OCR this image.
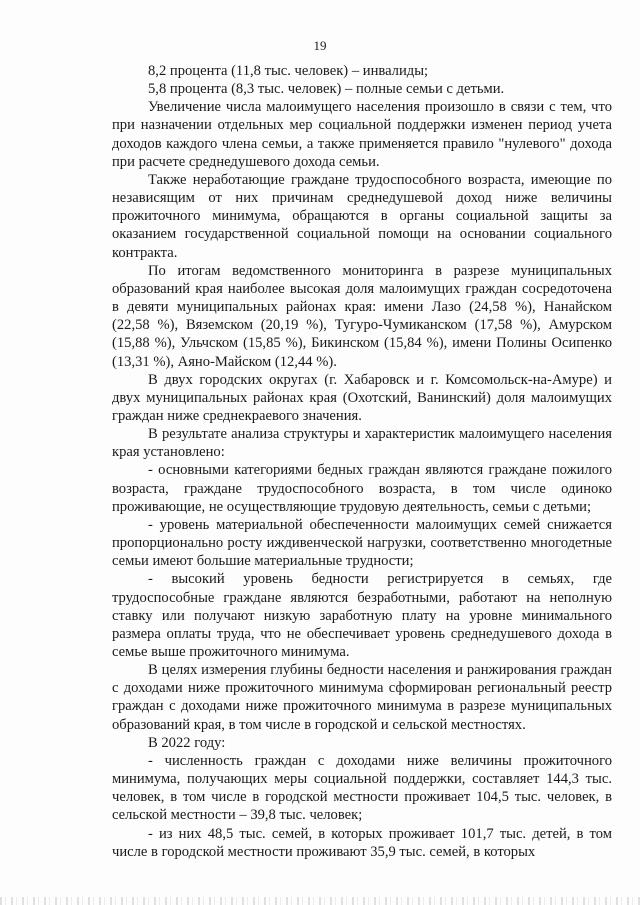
19

8,2 процента (11,8 тыс. человек) – инвалиды;

5,8 процента (8,3 тыс. человек) – полные семьи с детьми.

Увеличение числа малоимущего населения произошло в связи с тем, что при назначении отдельных мер социальной поддержки изменен период учета доходов каждого члена семьи, а также применяется правило "нулевого" дохода при расчете среднедушевого дохода семьи.

Также неработающие граждане трудоспособного возраста, имеющие по независящим от них причинам среднедушевой доход ниже величины прожиточного минимума, обращаются в органы социальной защиты за оказанием государственной социальной помощи на основании социального контракта.

По итогам ведомственного мониторинга в разрезе муниципальных образований края наиболее высокая доля малоимущих граждан сосредоточена в девяти муниципальных районах края: имени Лазо (24,58 %), Нанайском (22,58 %), Вяземском (20,19 %), Тугуро-Чумиканском (17,58 %), Амурском (15,88 %), Ульчском (15,85 %), Бикинском (15,84 %), имени Полины Осипенко (13,31 %), Аяно-Майском (12,44 %).

В двух городских округах (г. Хабаровск и г. Комсомольск-на-Амуре) и двух муниципальных районах края (Охотский, Ванинский) доля малоимущих граждан ниже среднекраевого значения.

В результате анализа структуры и характеристик малоимущего населения края установлено:

- основными категориями бедных граждан являются граждане пожилого возраста, граждане трудоспособного возраста, в том числе одиноко проживающие, не осуществляющие трудовую деятельность, семьи с детьми;

- уровень материальной обеспеченности малоимущих семей снижается пропорционально росту иждивенческой нагрузки, соответственно многодетные семьи имеют большие материальные трудности;

- высокий уровень бедности регистрируется в семьях, где трудоспособные граждане являются безработными, работают на неполную ставку или получают низкую заработную плату на уровне минимального размера оплаты труда, что не обеспечивает уровень среднедушевого дохода в семье выше прожиточного минимума.

В целях измерения глубины бедности населения и ранжирования граждан с доходами ниже прожиточного минимума сформирован региональный реестр граждан с доходами ниже прожиточного минимума в разрезе муниципальных образований края, в том числе в городской и сельской местностях.

В 2022 году:

- численность граждан с доходами ниже величины прожиточного минимума, получающих меры социальной поддержки, составляет 144,3 тыс. человек, в том числе в городской местности проживает 104,5 тыс. человек, в сельской местности – 39,8 тыс. человек;

- из них 48,5 тыс. семей, в которых проживает 101,7 тыс. детей, в том числе в городской местности проживают 35,9 тыс. семей, в которых
